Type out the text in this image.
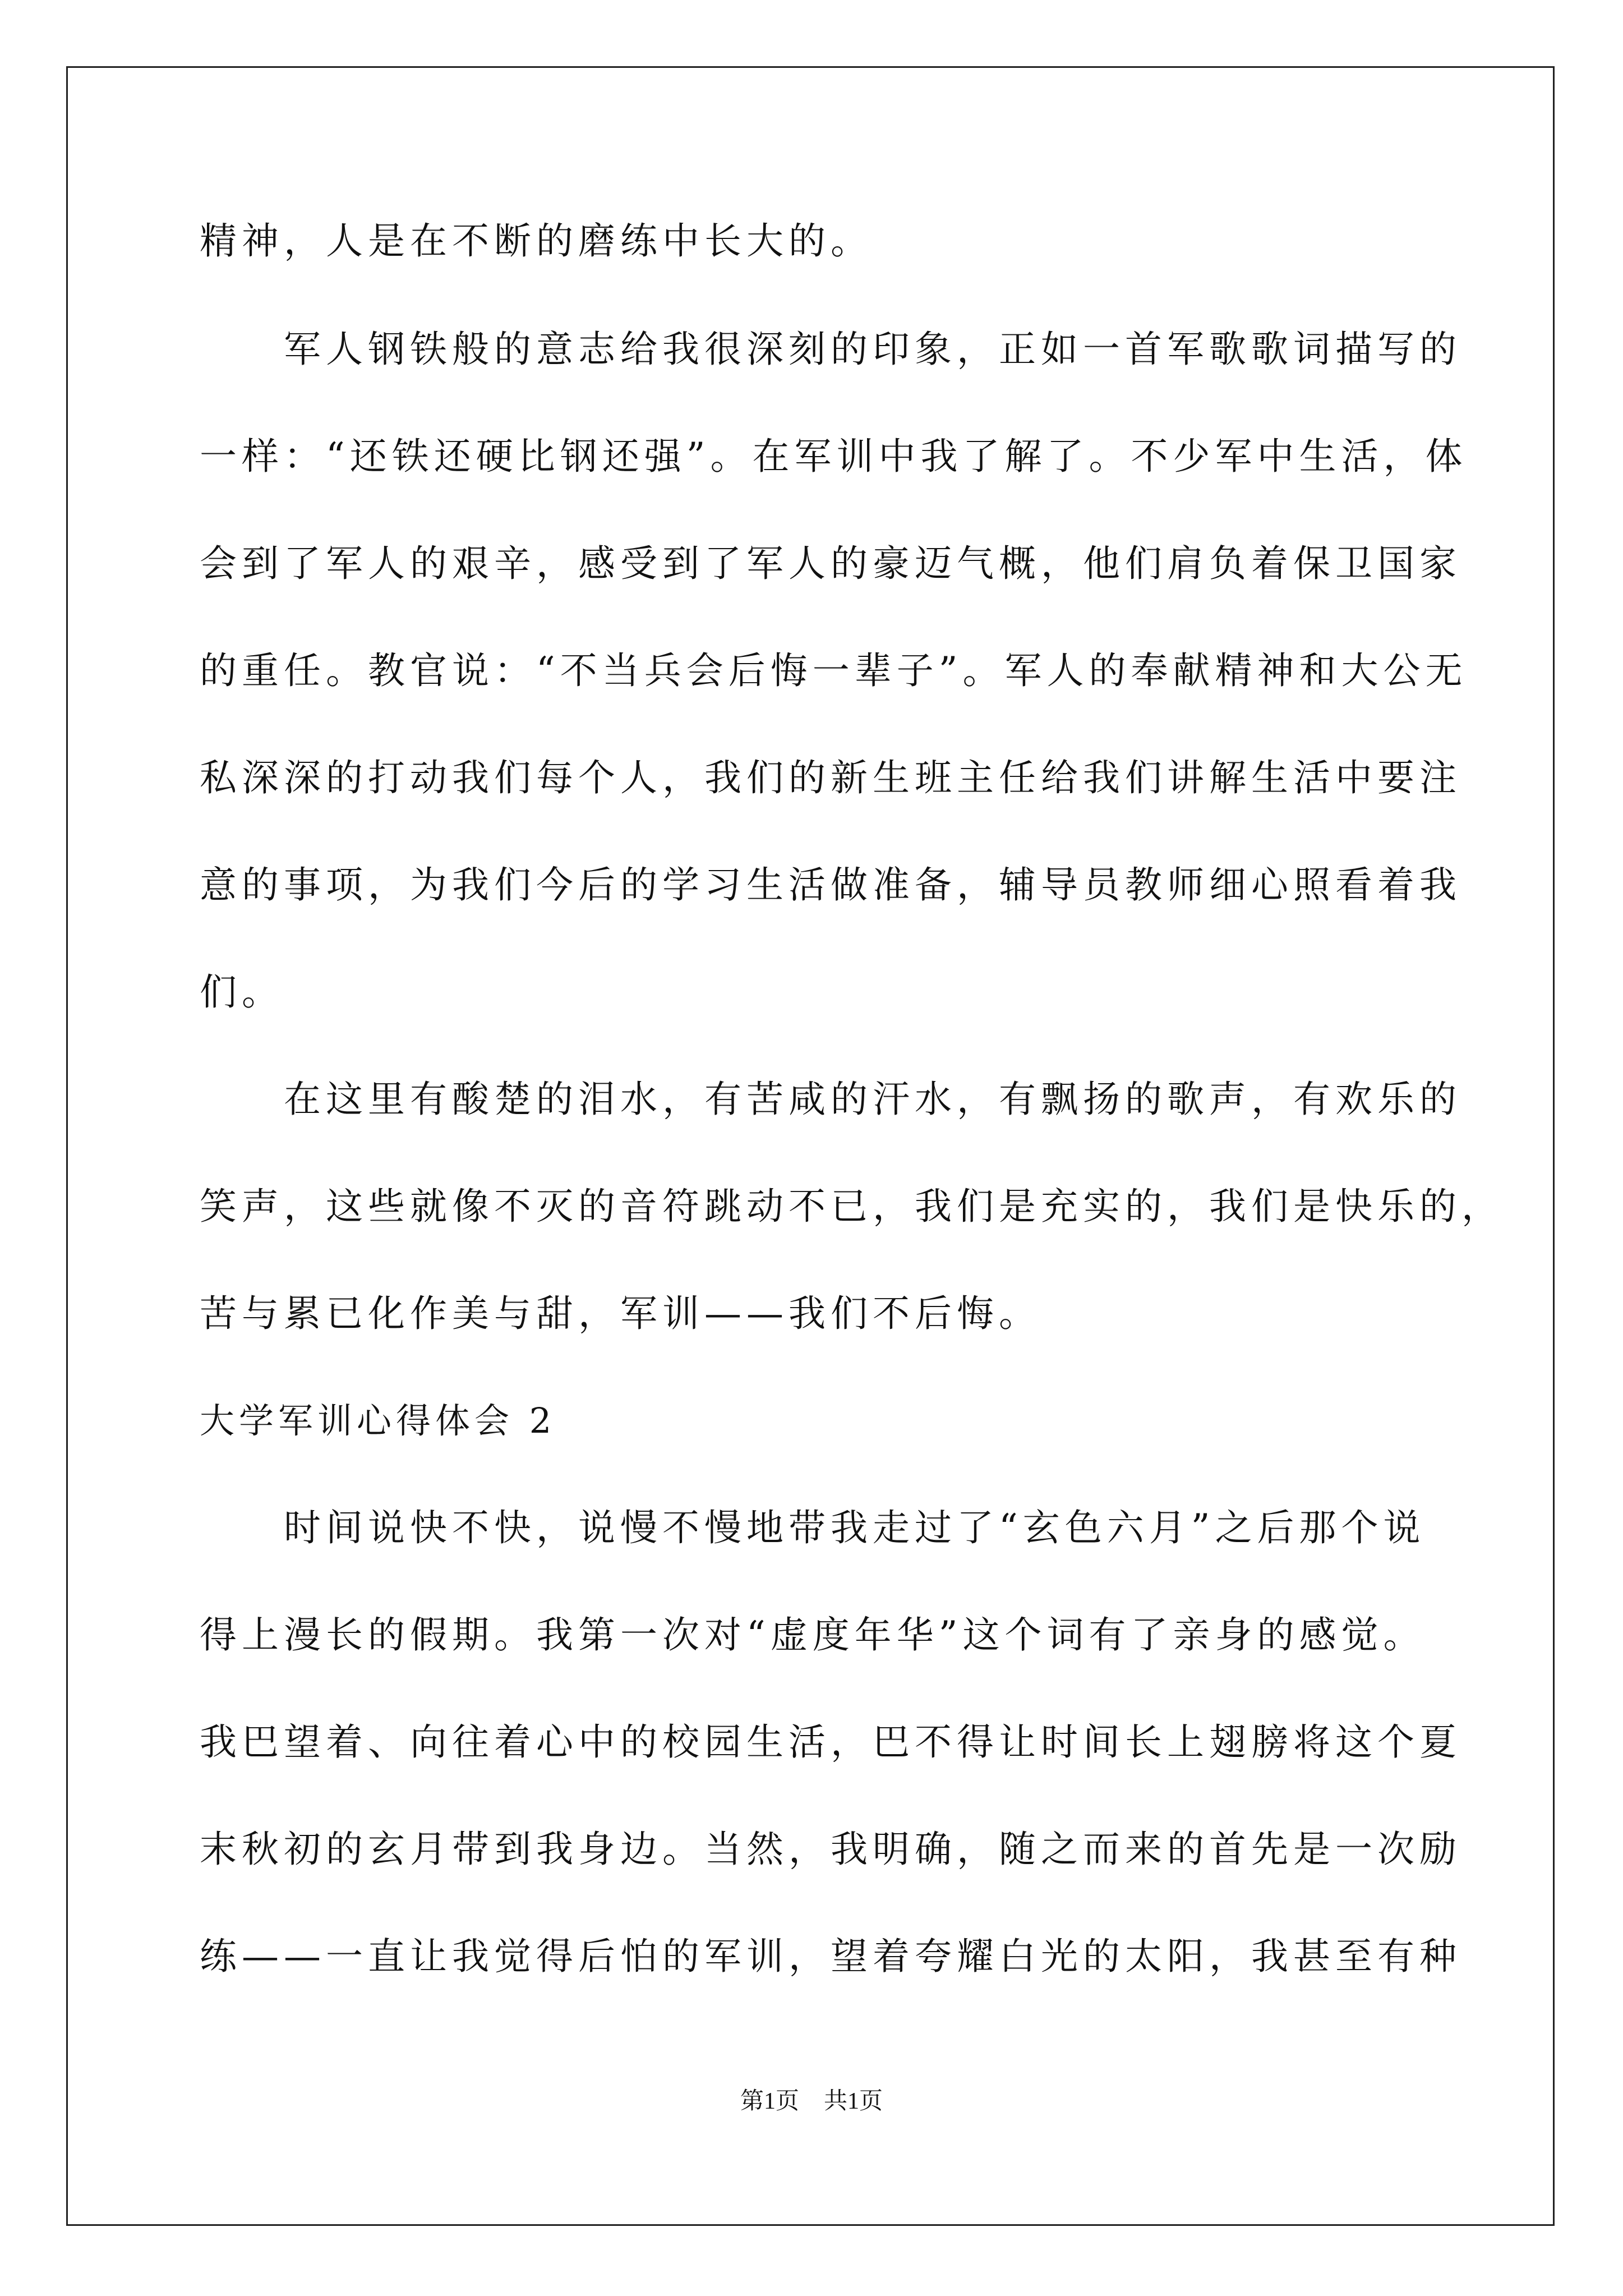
精神，人是在不断的磨练中长大的。
军人钢铁般的意志给我很深刻的印象，正如一首军歌歌词描写的
一样：“还铁还硬比钢还强”。在军训中我了解了。不少军中生活，体
会到了军人的艰辛，感受到了军人的豪迈气概，他们肩负着保卫国家
的重任。教官说：“不当兵会后悔一辈子”。军人的奉献精神和大公无
私深深的打动我们每个人，我们的新生班主任给我们讲解生活中要注
意的事项，为我们今后的学习生活做准备，辅导员教师细心照看着我
们。
在这里有酸楚的泪水，有苦咸的汗水，有飘扬的歌声，有欢乐的
笑声，这些就像不灭的音符跳动不已，我们是充实的，我们是快乐的，
苦与累已化作美与甜，军训——我们不后悔。
大学军训心得体会 2
时间说快不快，说慢不慢地带我走过了“玄色六月”之后那个说
得上漫长的假期。我第一次对“虚度年华”这个词有了亲身的感觉。
我巴望着、向往着心中的校园生活，巴不得让时间长上翅膀将这个夏
末秋初的玄月带到我身边。当然，我明确，随之而来的首先是一次励
练——一直让我觉得后怕的军训，望着夸耀白光的太阳，我甚至有种
第1页 共1页
